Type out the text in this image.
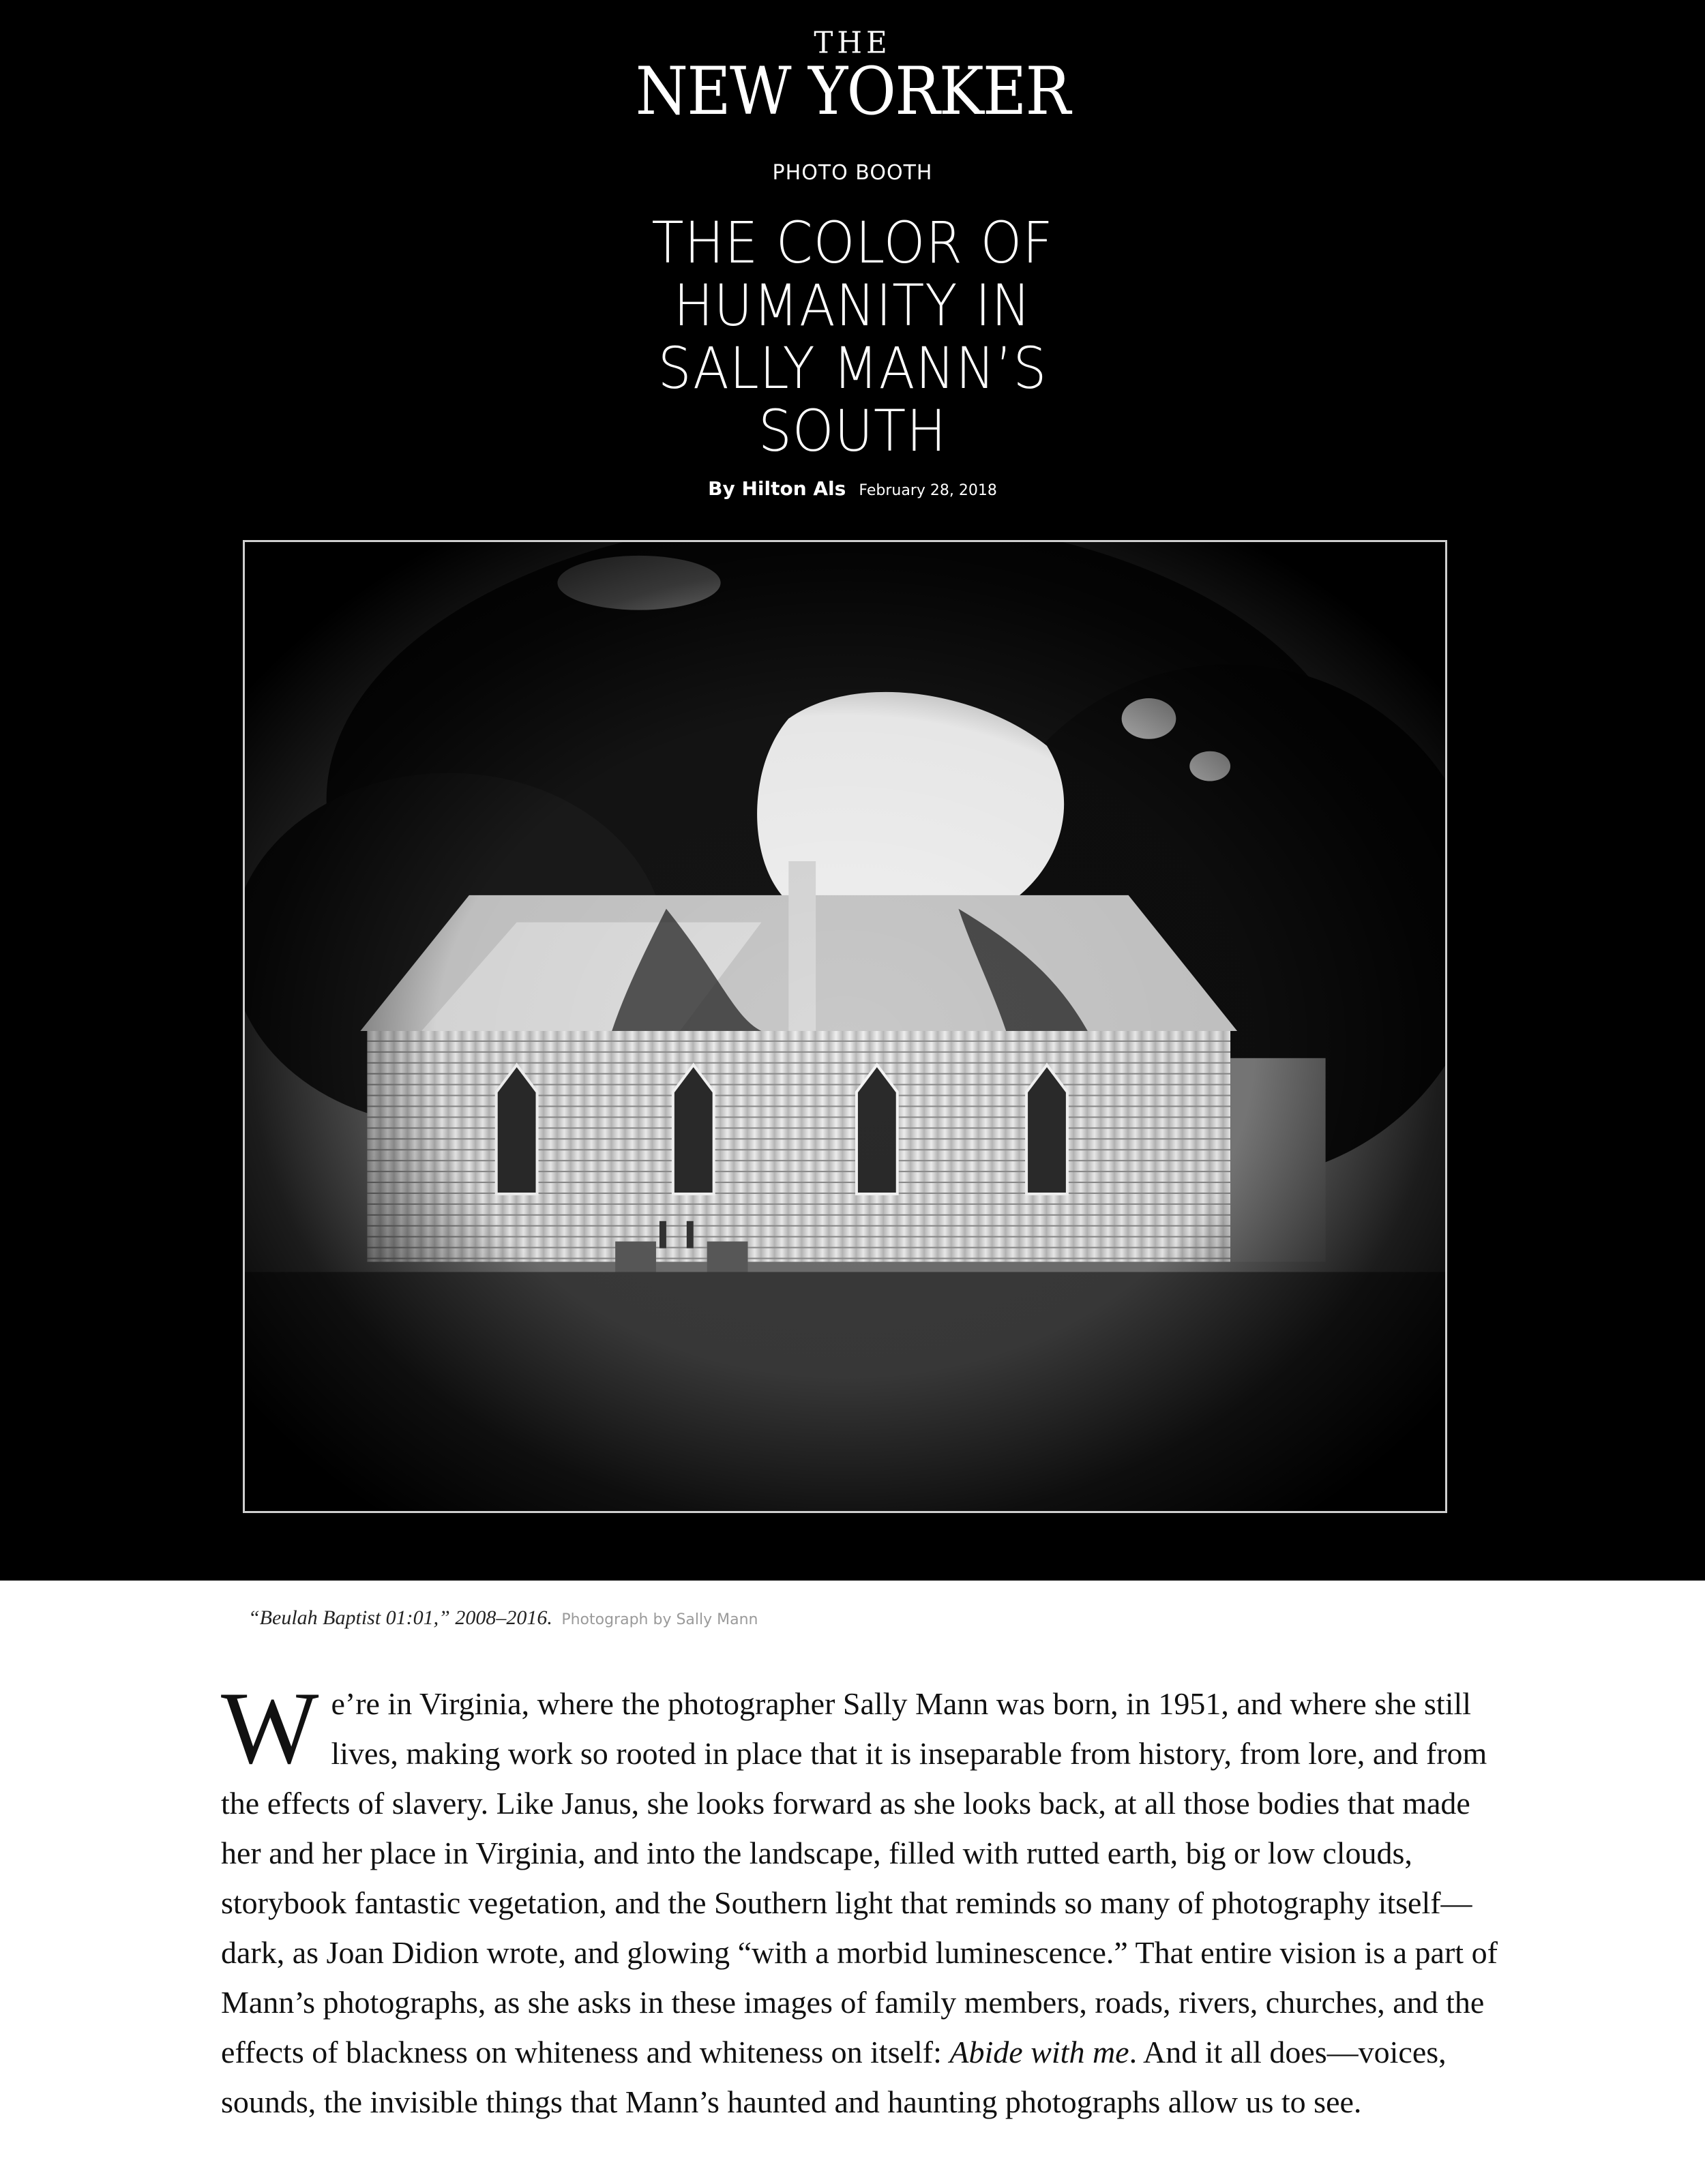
THE
NEW YORKER
PHOTO BOOTH
THE COLOR OF
HUMANITY IN
SALLY MANN’S
SOUTH
By Hilton Als February 28, 2018
“Beulah Baptist 01:01,” 2008–2016. Photograph by Sally Mann

We’re in Virginia, where the photographer Sally Mann was born, in 1951, and where she still lives, making work so rooted in place that it is inseparable from history, from lore, and from the effects of slavery. Like Janus, she looks forward as she looks back, at all those bodies that made her and her place in Virginia, and into the landscape, filled with rutted earth, big or low clouds, storybook fantastic vegetation, and the Southern light that reminds so many of photography itself—dark, as Joan Didion wrote, and glowing “with a morbid luminescence.” That entire vision is a part of Mann’s photographs, as she asks in these images of family members, roads, rivers, churches, and the effects of blackness on whiteness and whiteness on itself: Abide with me. And it all does—voices, sounds, the invisible things that Mann’s haunted and haunting photographs allow us to see.
